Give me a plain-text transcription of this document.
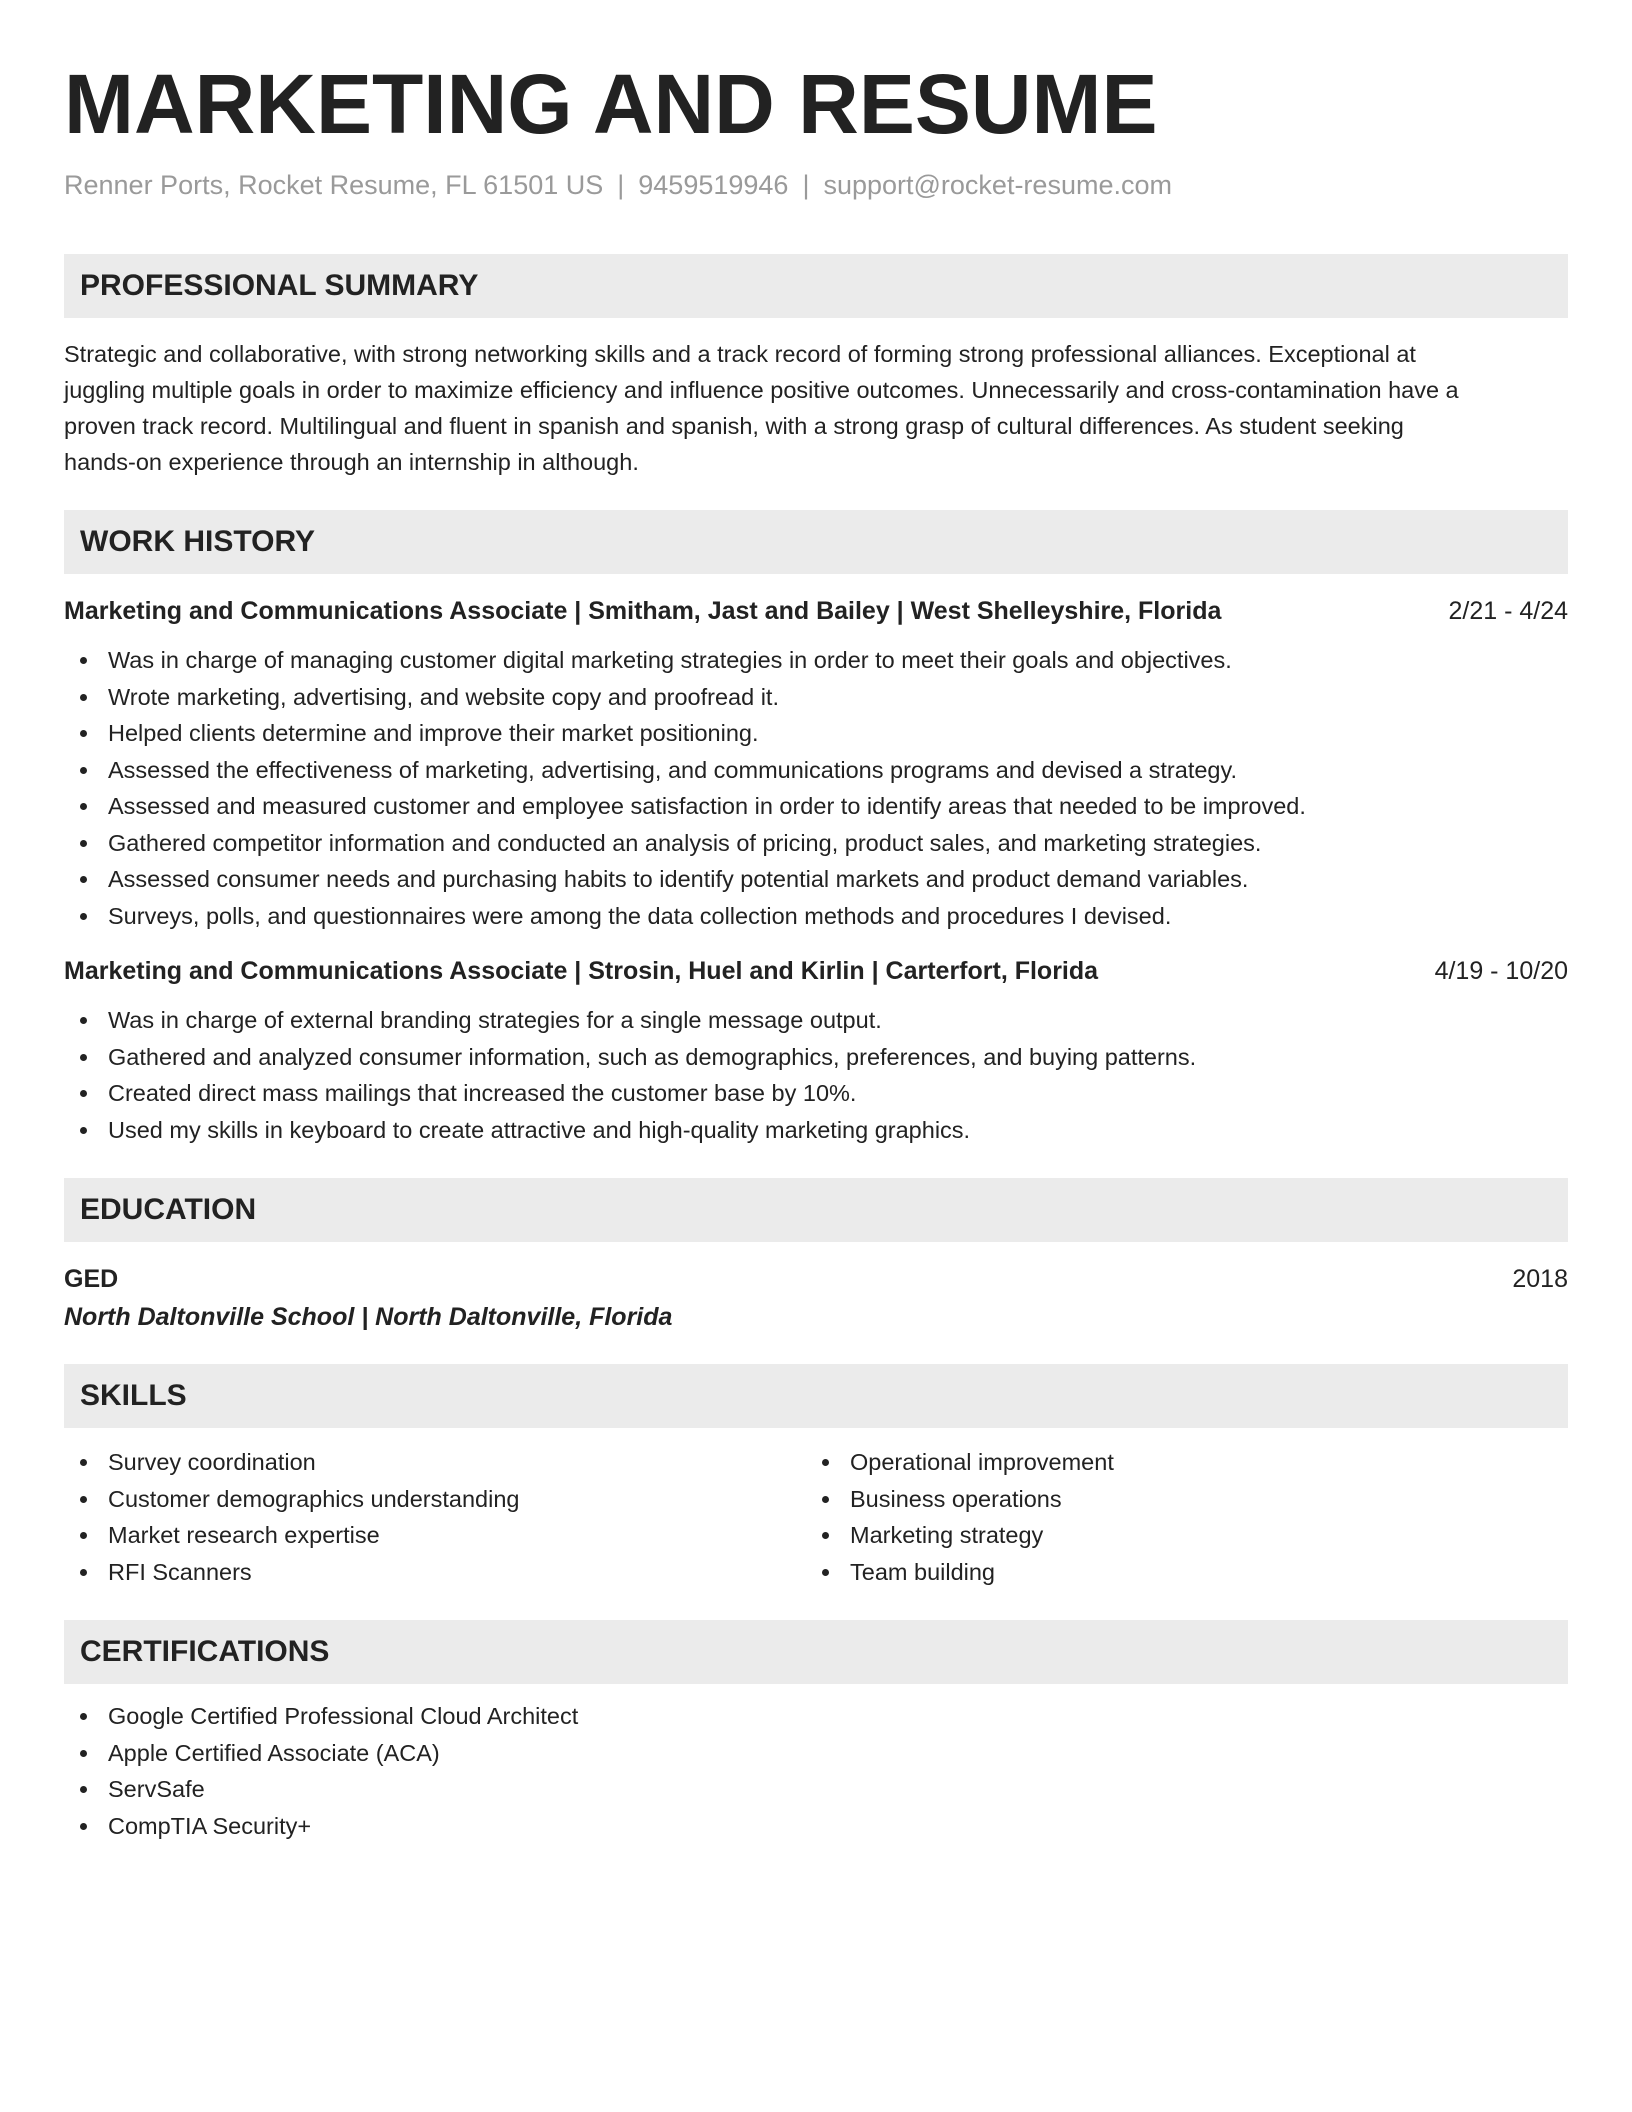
MARKETING AND RESUME
Renner Ports, Rocket Resume, FL 61501 US | 9459519946 | support@rocket-resume.com
PROFESSIONAL SUMMARY

Strategic and collaborative, with strong networking skills and a track record of forming strong professional alliances. Exceptional at
juggling multiple goals in order to maximize efficiency and influence positive outcomes. Unnecessarily and cross-contamination have a
proven track record. Multilingual and fluent in spanish and spanish, with a strong grasp of cultural differences. As student seeking
hands-on experience through an internship in although.

WORK HISTORY
Marketing and Communications Associate | Smitham, Jast and Bailey | West Shelleyshire, Florida	2/21 - 4/24
Was in charge of managing customer digital marketing strategies in order to meet their goals and objectives.
Wrote marketing, advertising, and website copy and proofread it.
Helped clients determine and improve their market positioning.
Assessed the effectiveness of marketing, advertising, and communications programs and devised a strategy.
Assessed and measured customer and employee satisfaction in order to identify areas that needed to be improved.
Gathered competitor information and conducted an analysis of pricing, product sales, and marketing strategies.
Assessed consumer needs and purchasing habits to identify potential markets and product demand variables.
Surveys, polls, and questionnaires were among the data collection methods and procedures I devised.
Marketing and Communications Associate | Strosin, Huel and Kirlin | Carterfort, Florida	4/19 - 10/20
Was in charge of external branding strategies for a single message output.
Gathered and analyzed consumer information, such as demographics, preferences, and buying patterns.
Created direct mass mailings that increased the customer base by 10%.
Used my skills in keyboard to create attractive and high-quality marketing graphics.
EDUCATION
GED	2018
North Daltonville School | North Daltonville, Florida
SKILLS
Survey coordination
Customer demographics understanding
Market research expertise
RFI Scanners
Operational improvement
Business operations
Marketing strategy
Team building
CERTIFICATIONS
Google Certified Professional Cloud Architect
Apple Certified Associate (ACA)
ServSafe
CompTIA Security+
